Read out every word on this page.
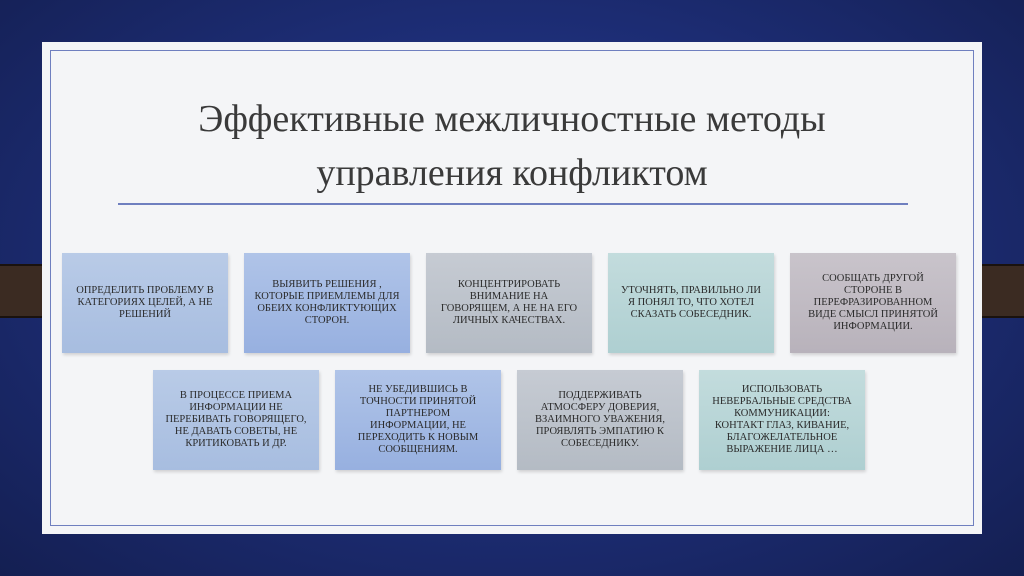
Эффективные межличностные методы
управления конфликтом
ОПРЕДЕЛИТЬ ПРОБЛЕМУ В КАТЕГОРИЯХ ЦЕЛЕЙ, А НЕ РЕШЕНИЙ
ВЫЯВИТЬ РЕШЕНИЯ , КОТОРЫЕ ПРИЕМЛЕМЫ ДЛЯ ОБЕИХ КОНФЛИКТУЮЩИХ СТОРОН.
КОНЦЕНТРИРОВАТЬ ВНИМАНИЕ НА ГОВОРЯЩЕМ, А НЕ НА ЕГО ЛИЧНЫХ КАЧЕСТВАХ.
УТОЧНЯТЬ, ПРАВИЛЬНО ЛИ Я ПОНЯЛ ТО, ЧТО ХОТЕЛ СКАЗАТЬ СОБЕСЕДНИК.
СООБЩАТЬ ДРУГОЙ СТОРОНЕ В ПЕРЕФРАЗИРОВАННОМ ВИДЕ СМЫСЛ ПРИНЯТОЙ ИНФОРМАЦИИ.
В ПРОЦЕССЕ ПРИЕМА ИНФОРМАЦИИ НЕ ПЕРЕБИВАТЬ ГОВОРЯЩЕГО, НЕ ДАВАТЬ СОВЕТЫ, НЕ КРИТИКОВАТЬ И ДР.
НЕ УБЕДИВШИСЬ В ТОЧНОСТИ ПРИНЯТОЙ ПАРТНЕРОМ ИНФОРМАЦИИ, НЕ ПЕРЕХОДИТЬ К НОВЫМ СООБЩЕНИЯМ.
ПОДДЕРЖИВАТЬ АТМОСФЕРУ ДОВЕРИЯ, ВЗАИМНОГО УВАЖЕНИЯ, ПРОЯВЛЯТЬ ЭМПАТИЮ К СОБЕСЕДНИКУ.
ИСПОЛЬЗОВАТЬ НЕВЕРБАЛЬНЫЕ СРЕДСТВА КОММУНИКАЦИИ: КОНТАКТ ГЛАЗ, КИВАНИЕ, БЛАГОЖЕЛАТЕЛЬНОЕ ВЫРАЖЕНИЕ ЛИЦА …
